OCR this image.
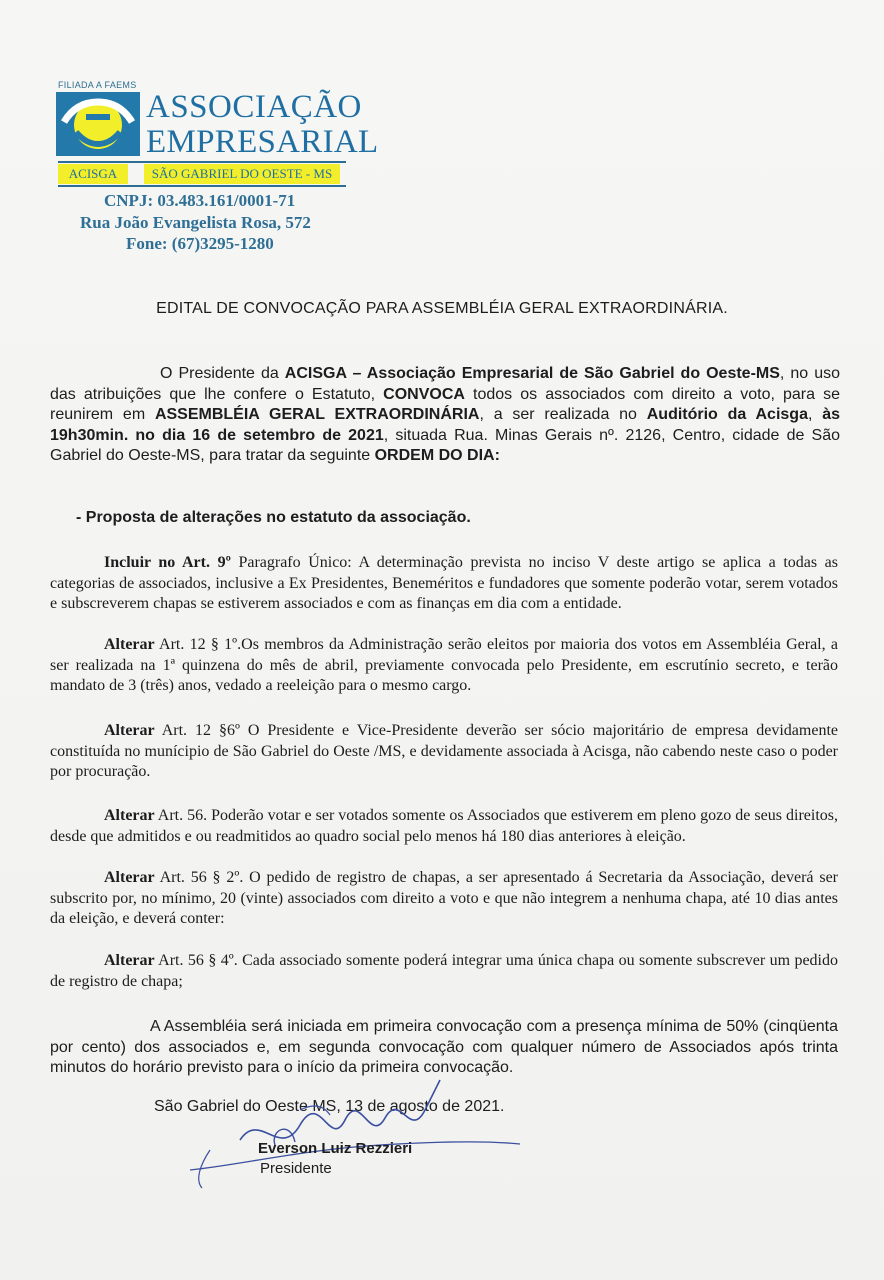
FILIADA A FAEMS
ASSOCIAÇÃO
EMPRESARIAL
ACISGA	SÃO GABRIEL DO OESTE - MS
CNPJ: 03.483.161/0001-71
Rua João Evangelista Rosa, 572
Fone: (67)3295-1280
EDITAL DE CONVOCAÇÃO PARA ASSEMBLÉIA GERAL EXTRAORDINÁRIA.
O Presidente da ACISGA – Associação Empresarial de São Gabriel do Oeste-MS, no uso das atribuições que lhe confere o Estatuto, CONVOCA todos os associados com direito a voto, para se reunirem em ASSEMBLÉIA GERAL EXTRAORDINÁRIA, a ser realizada no Auditório da Acisga, às 19h30min. no dia 16 de setembro de 2021, situada Rua. Minas Gerais nº. 2126, Centro, cidade de São Gabriel do Oeste-MS, para tratar da seguinte ORDEM DO DIA:
- Proposta de alterações no estatuto da associação.
Incluir no Art. 9º Paragrafo Único: A determinação prevista no inciso V deste artigo se aplica a todas as categorias de associados, inclusive a Ex Presidentes, Beneméritos e fundadores que somente poderão votar, serem votados e subscreverem chapas se estiverem associados e com as finanças em dia com a entidade.
Alterar Art. 12 § 1º.Os membros da Administração serão eleitos por maioria dos votos em Assembléia Geral, a ser realizada na 1ª quinzena do mês de abril, previamente convocada pelo Presidente, em escrutínio secreto, e terão mandato de 3 (três) anos, vedado a reeleição para o mesmo cargo.
Alterar Art. 12 §6º O Presidente e Vice-Presidente deverão ser sócio majoritário de empresa devidamente constituída no munícipio de São Gabriel do Oeste /MS, e devidamente associada à Acisga, não cabendo neste caso o poder por procuração.
Alterar Art. 56. Poderão votar e ser votados somente os Associados que estiverem em pleno gozo de seus direitos, desde que admitidos e ou readmitidos ao quadro social pelo menos há 180 dias anteriores à eleição.
Alterar Art. 56 § 2º. O pedido de registro de chapas, a ser apresentado á Secretaria da Associação, deverá ser subscrito por, no mínimo, 20 (vinte) associados com direito a voto e que não integrem a nenhuma chapa, até 10 dias antes da eleição, e deverá conter:
Alterar Art. 56 § 4º. Cada associado somente poderá integrar uma única chapa ou somente subscrever um pedido de registro de chapa;
A Assembléia será iniciada em primeira convocação com a presença mínima de 50% (cinqüenta por cento) dos associados e, em segunda convocação com qualquer número de Associados após trinta minutos do horário previsto para o início da primeira convocação.
São Gabriel do Oeste MS, 13 de agosto de 2021.
Everson Luiz Rezzieri
Presidente
